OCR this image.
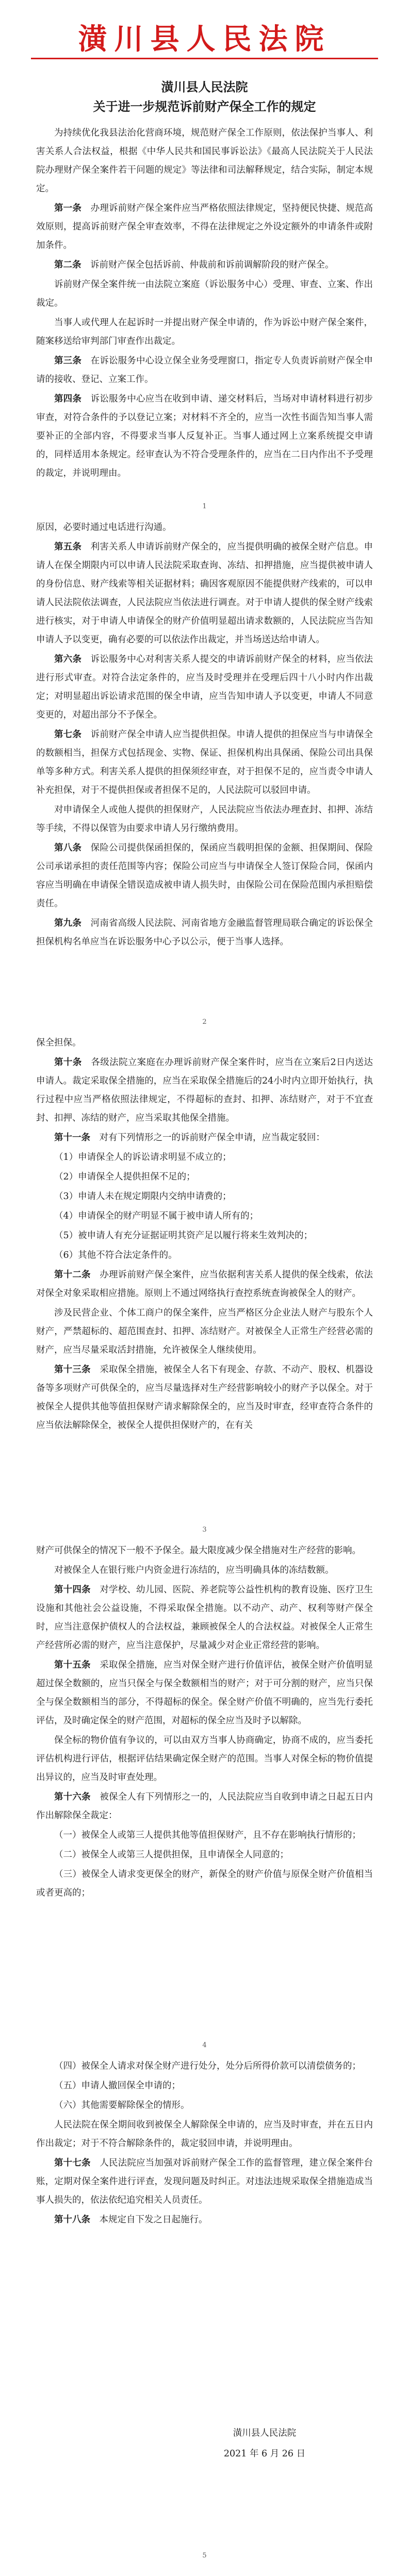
潢川县人民法院
潢川县人民法院
关于进一步规范诉前财产保全工作的规定

为持续优化我县法治化营商环境，规范财产保全工作原则，依法保护当事人、利害关系人合法权益，根据《中华人民共和国民事诉讼法》《最高人民法院关于人民法院办理财产保全案件若干问题的规定》等法律和司法解释规定，结合实际，制定本规定。

第一条　 办理诉前财产保全案件应当严格依照法律规定，坚持便民快捷、规范高效原则，提高诉前财产保全审查效率，不得在法律规定之外设定额外的申请条件或附加条件。

第二条　 诉前财产保全包括诉前、仲裁前和诉前调解阶段的财产保全。

诉前财产保全案件统一由法院立案庭（诉讼服务中心）受理、审查、立案、作出裁定。

当事人或代理人在起诉时一并提出财产保全申请的，作为诉讼中财产保全案件，随案移送给审判部门审查作出裁定。

第三条　 在诉讼服务中心设立保全业务受理窗口，指定专人负责诉前财产保全申请的接收、登记、立案工作。

第四条　 诉讼服务中心应当在收到申请、递交材料后，当场对申请材料进行初步审查，对符合条件的予以登记立案；对材料不齐全的，应当一次性书面告知当事人需要补正的全部内容，不得要求当事人反复补正。当事人通过网上立案系统提交申请的，同样适用本条规定。经审查认为不符合受理条件的，应当在二日内作出不予受理的裁定，并说明理由。

1

原因，必要时通过电话进行沟通。

第五条　 利害关系人申请诉前财产保全的，应当提供明确的被保全财产信息。申请人在保全期限内可以申请人民法院采取查询、冻结、扣押措施，应当提供被申请人的身份信息、财产线索等相关证据材料；确因客观原因不能提供财产线索的，可以申请人民法院依法调查，人民法院应当依法进行调查。对于申请人提供的保全财产线索进行核实，对于申请人申请保全的财产价值明显超出请求数额的，人民法院应当告知申请人予以变更，确有必要的可以依法作出裁定，并当场送达给申请人。

第六条　 诉讼服务中心对利害关系人提交的申请诉前财产保全的材料，应当依法进行形式审查。对符合法定条件的，应当及时受理并在受理后四十八小时内作出裁定；对明显超出诉讼请求范围的保全申请，应当告知申请人予以变更，申请人不同意变更的，对超出部分不予保全。

第七条　 诉前财产保全申请人应当提供担保。申请人提供的担保应当与申请保全的数额相当，担保方式包括现金、实物、保证、担保机构出具保函、保险公司出具保单等多种方式。利害关系人提供的担保须经审查，对于担保不足的，应当责令申请人补充担保，对于不提供担保或者担保不足的，人民法院可以驳回申请。

对申请保全人或他人提供的担保财产，人民法院应当依法办理查封、扣押、冻结等手续，不得以保管为由要求申请人另行缴纳费用。

第八条　 保险公司提供保函担保的，保函应当载明担保的金额、担保期间、保险公司承诺承担的责任范围等内容；保险公司应当与申请保全人签订保险合同，保函内容应当明确在申请保全错误造成被申请人损失时，由保险公司在保险范围内承担赔偿责任。

第九条　 河南省高级人民法院、河南省地方金融监督管理局联合确定的诉讼保全担保机构名单应当在诉讼服务中心予以公示，便于当事人选择。

2

保全担保。

第十条　 各级法院立案庭在办理诉前财产保全案件时，应当在立案后2日内送达申请人。裁定采取保全措施的，应当在采取保全措施后的24小时内立即开始执行，执行过程中应当严格依照法律规定，不得超标的查封、扣押、冻结财产，对于不宜查封、扣押、冻结的财产，应当采取其他保全措施。

第十一条　 对有下列情形之一的诉前财产保全申请，应当裁定驳回：

（1）申请保全人的诉讼请求明显不成立的；

（2）申请保全人提供担保不足的；

（3）申请人未在规定期限内交纳申请费的；

（4）申请保全的财产明显不属于被申请人所有的；

（5）被申请人有充分证据证明其资产足以履行将来生效判决的；

（6）其他不符合法定条件的。

第十二条　 办理诉前财产保全案件，应当依据利害关系人提供的保全线索，依法对保全对象采取相应措施。原则上不通过网络执行查控系统查询被保全人的财产。

涉及民营企业、个体工商户的保全案件，应当严格区分企业法人财产与股东个人财产，严禁超标的、超范围查封、扣押、冻结财产。对被保全人正常生产经营必需的财产，应当尽量采取活封措施，允许被保全人继续使用。

第十三条　 采取保全措施，被保全人名下有现金、存款、不动产、股权、机器设备等多项财产可供保全的，应当尽量选择对生产经营影响较小的财产予以保全。对于被保全人提供其他等值担保财产请求解除保全的，应当及时审查，经审查符合条件的应当依法解除保全，被保全人提供担保财产的，在有关

3

财产可供保全的情况下一般不予保全。最大限度减少保全措施对生产经营的影响。

对被保全人在银行账户内资金进行冻结的，应当明确具体的冻结数额。

第十四条　 对学校、幼儿园、医院、养老院等公益性机构的教育设施、医疗卫生设施和其他社会公益设施，不得采取保全措施。以不动产、动产、权利等财产保全时，应当注意保护债权人的合法权益，兼顾被保全人的合法权益。对被保全人正常生产经营所必需的财产，应当注意保护，尽量减少对企业正常经营的影响。

第十五条　 采取保全措施，应当对保全财产进行价值评估，被保全财产价值明显超过保全数额的，应当只保全与保全数额相当的财产；对于可分割的财产，应当只保全与保全数额相当的部分，不得超标的保全。保全财产价值不明确的，应当先行委托评估，及时确定保全的财产范围，对超标的保全应当及时予以解除。

保全标的物价值有争议的，可以由双方当事人协商确定，协商不成的，应当委托评估机构进行评估，根据评估结果确定保全财产的范围。当事人对保全标的物价值提出异议的，应当及时审查处理。

第十六条　 被保全人有下列情形之一的，人民法院应当自收到申请之日起五日内作出解除保全裁定：

（一）被保全人或第三人提供其他等值担保财产，且不存在影响执行情形的；

（二）被保全人或第三人提供担保，且申请保全人同意的；

（三）被保全人请求变更保全的财产，新保全的财产价值与原保全财产价值相当或者更高的；

4

（四）被保全人请求对保全财产进行处分，处分后所得价款可以清偿债务的；

（五）申请人撤回保全申请的；

（六）其他需要解除保全的情形。

人民法院在保全期间收到被保全人解除保全申请的，应当及时审查，并在五日内作出裁定；对于不符合解除条件的，裁定驳回申请，并说明理由。

第十七条　 人民法院应当加强对诉前财产保全工作的监督管理，建立保全案件台账，定期对保全案件进行评查，发现问题及时纠正。对违法违规采取保全措施造成当事人损失的，依法依纪追究相关人员责任。

第十八条　 本规定自下发之日起施行。

潢川县人民法院
2021 年 6 月 26 日
5
